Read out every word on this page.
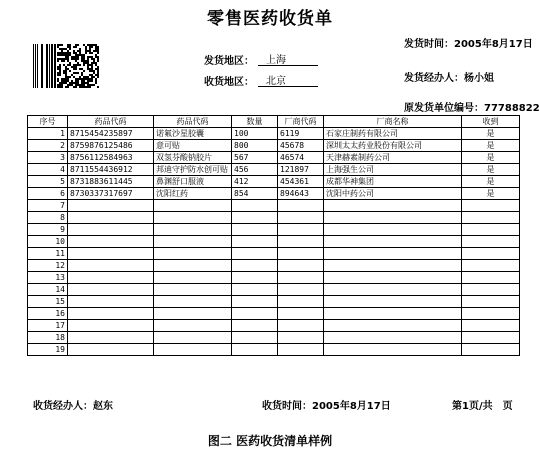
零售医药收货单
发货时间：2005年8月17日
发货地区：	上海
收货地区：	北京	发货经办人：杨小姐
原发货单位编号：77788822
序号	药品代码	药品代码	数量	厂商代码	厂商名称	收到
1	8715454235897	诺氟沙星胶囊	100	6119	石家庄制药有限公司	是
2	8759876125486	意可贴	800	45678	深圳太太药业股份有限公司	是
3	8756112584963	双氢芬酸钠胶片	567	46574	天津赫素制药公司	是
4	8711554436912	邦迪守护防水创可贴	456	121897	上海强生公司	是
5	8731883611445	鼻渊舒口服液	412	454361	成都华神集团	是
6	8730337317697	沈阳红药	854	894643	沈阳中药公司	是
7						
8						
9						
10						
11						
12						
13						
14						
15						
16						
17						
18						
19						
收货经办人：赵东	收货时间：2005年8月17日	第1页/共　页
图二 医药收货清单样例
